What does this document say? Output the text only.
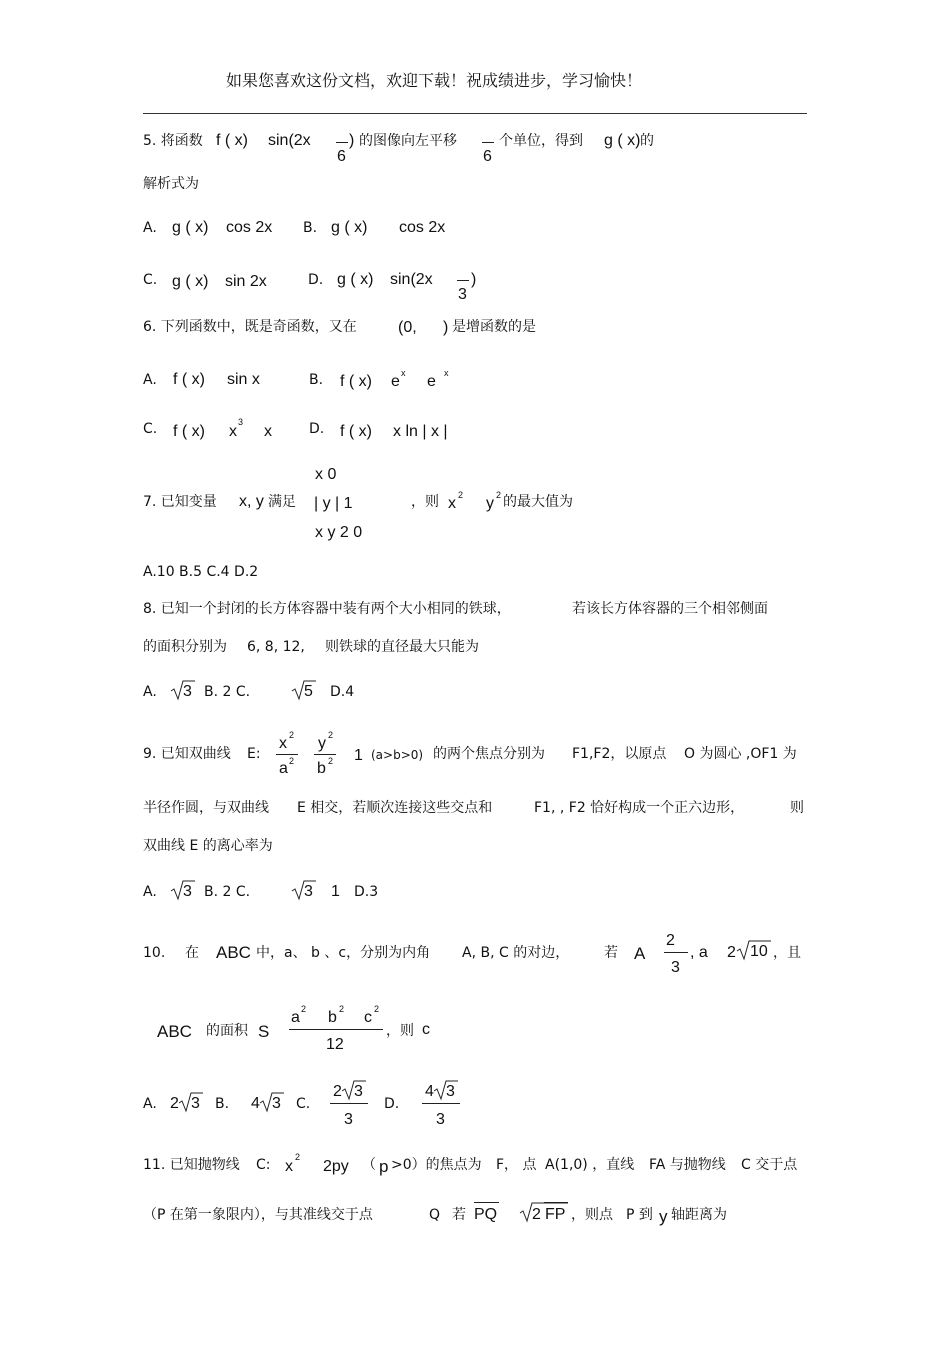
如果您喜欢这份文档，欢迎下载！祝成绩进步，学习愉快！
5. 将函数 f ( x) sin(2x
6
) 的图像向左平移
6
个单位，得到 g ( x) 的
解析式为
A. g ( x) cos 2x B. g ( x) cos 2x
C. g ( x) sin 2x	D. g ( x) sin(2x
3
)
6. 下列函数中，既是奇函数，又在	(0, ) 是增函数的是
A. f ( x) sin x	B. f ( x) e x e x
C. f ( x) x
3
x	D. f ( x) x ln | x |
x 0
7. 已知变量 x, y 满足 | y | 1	，则 x 2 y 2 的最大值为
x y 2 0
A.10 B.5 C.4 D.2
8. 已知一个封闭的长方体容器中装有两个大小相同的铁球，	若该长方体容器的三个相邻侧面
的面积分别为 6, 8, 12, 则铁球的直径最大只能为
A. 3 B. 2 C.	5 D.4
9. 已知双曲线 E:
x 2
a 2
y 2
b 2 1 (a>b>0) 的两个焦点分别为 F1,F2，以原点 O 为圆心 ,OF1 为
半径作圆，与双曲线 E 相交，若顺次连接这些交点和	F1, , F2 恰好构成一个正六边形，	则
双曲线 E 的离心率为
A. 3 B. 2 C.	3 1 D.3
10. 在 ABC 中，a、 b 、c，分别为内角 A, B, C 的对边， 若 A
2
3
, a 2 10 ，且
ABC 的面积 S
a 2 b 2 c 2
12
，则 c
A. 2 3 B. 4 3 C.
2 3
3
D.
4 3
3
11. 已知抛物线 C: x
2
2py （ p >0）的焦点为 F， 点 A(1,0) ，直线 FA 与抛物线 C 交于点
（P 在第一象限内），与其准线交于点	Q 若 PQ 2 FP ，则点 P 到 y 轴距离为
